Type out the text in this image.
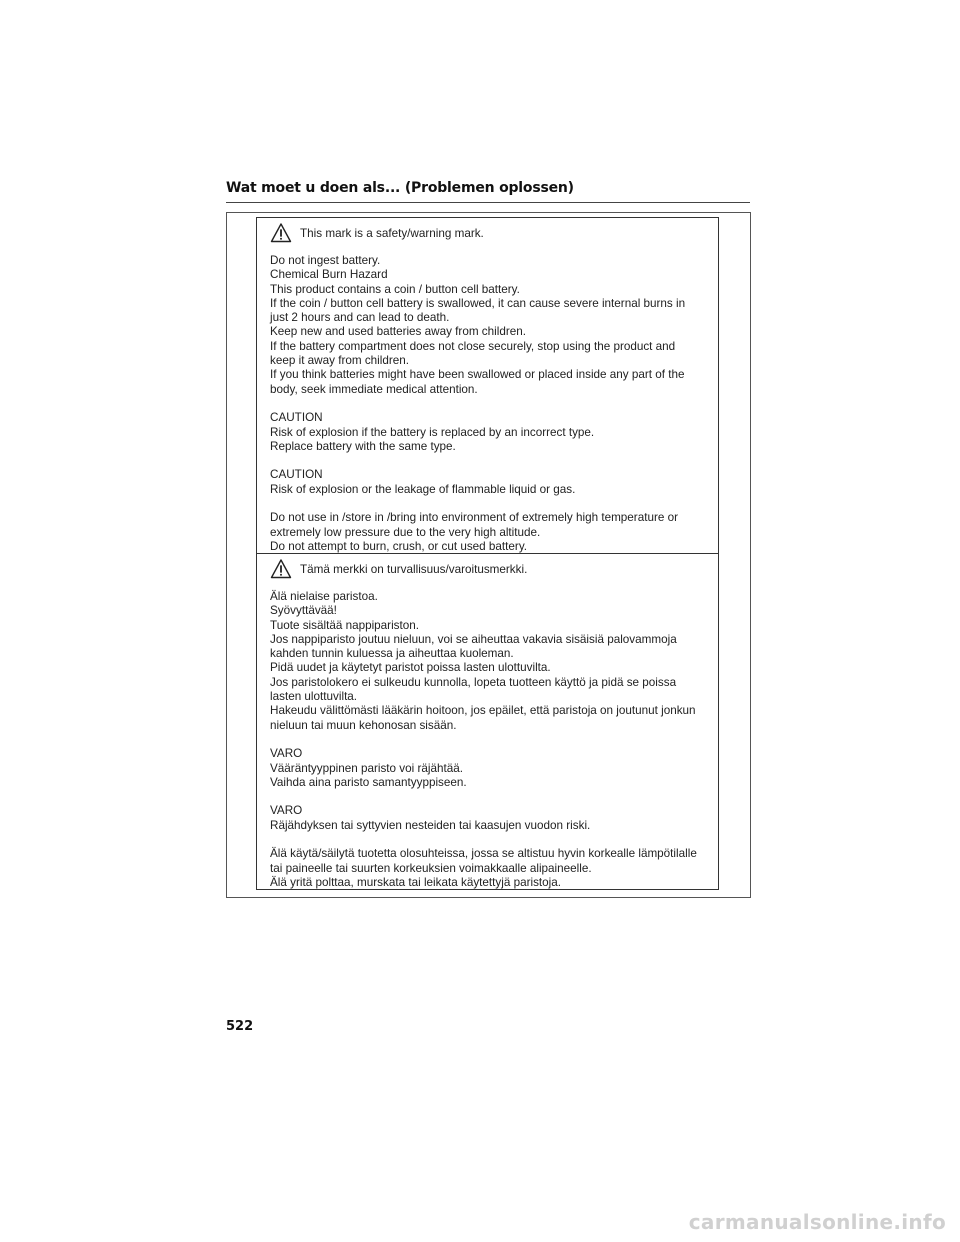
Wat moet u doen als... (Problemen oplossen)
This mark is a safety/warning mark.
Do not ingest battery.
Chemical Burn Hazard
This product contains a coin / button cell battery.
If the coin / button cell battery is swallowed, it can cause severe internal burns in
just 2 hours and can lead to death.
Keep new and used batteries away from children.
If the battery compartment does not close securely, stop using the product and
keep it away from children.
If you think batteries might have been swallowed or placed inside any part of the
body, seek immediate medical attention.
CAUTION
Risk of explosion if the battery is replaced by an incorrect type.
Replace battery with the same type.
CAUTION
Risk of explosion or the leakage of flammable liquid or gas.
Do not use in /store in /bring into environment of extremely high temperature or
extremely low pressure due to the very high altitude.
Do not attempt to burn, crush, or cut used battery.
Tämä merkki on turvallisuus/varoitusmerkki.
Älä nielaise paristoa.
Syövyttävää!
Tuote sisältää nappipariston.
Jos nappiparisto joutuu nieluun, voi se aiheuttaa vakavia sisäisiä palovammoja
kahden tunnin kuluessa ja aiheuttaa kuoleman.
Pidä uudet ja käytetyt paristot poissa lasten ulottuvilta.
Jos paristolokero ei sulkeudu kunnolla, lopeta tuotteen käyttö ja pidä se poissa
lasten ulottuvilta.
Hakeudu välittömästi lääkärin hoitoon, jos epäilet, että paristoja on joutunut jonkun
nieluun tai muun kehonosan sisään.
VARO
Vääräntyyppinen paristo voi räjähtää.
Vaihda aina paristo samantyyppiseen.
VARO
Räjähdyksen tai syttyvien nesteiden tai kaasujen vuodon riski.
Älä käytä/säilytä tuotetta olosuhteissa, jossa se altistuu hyvin korkealle lämpötilalle
tai paineelle tai suurten korkeuksien voimakkaalle alipaineelle.
Älä yritä polttaa, murskata tai leikata käytettyjä paristoja.
522
carmanualsonline.info
